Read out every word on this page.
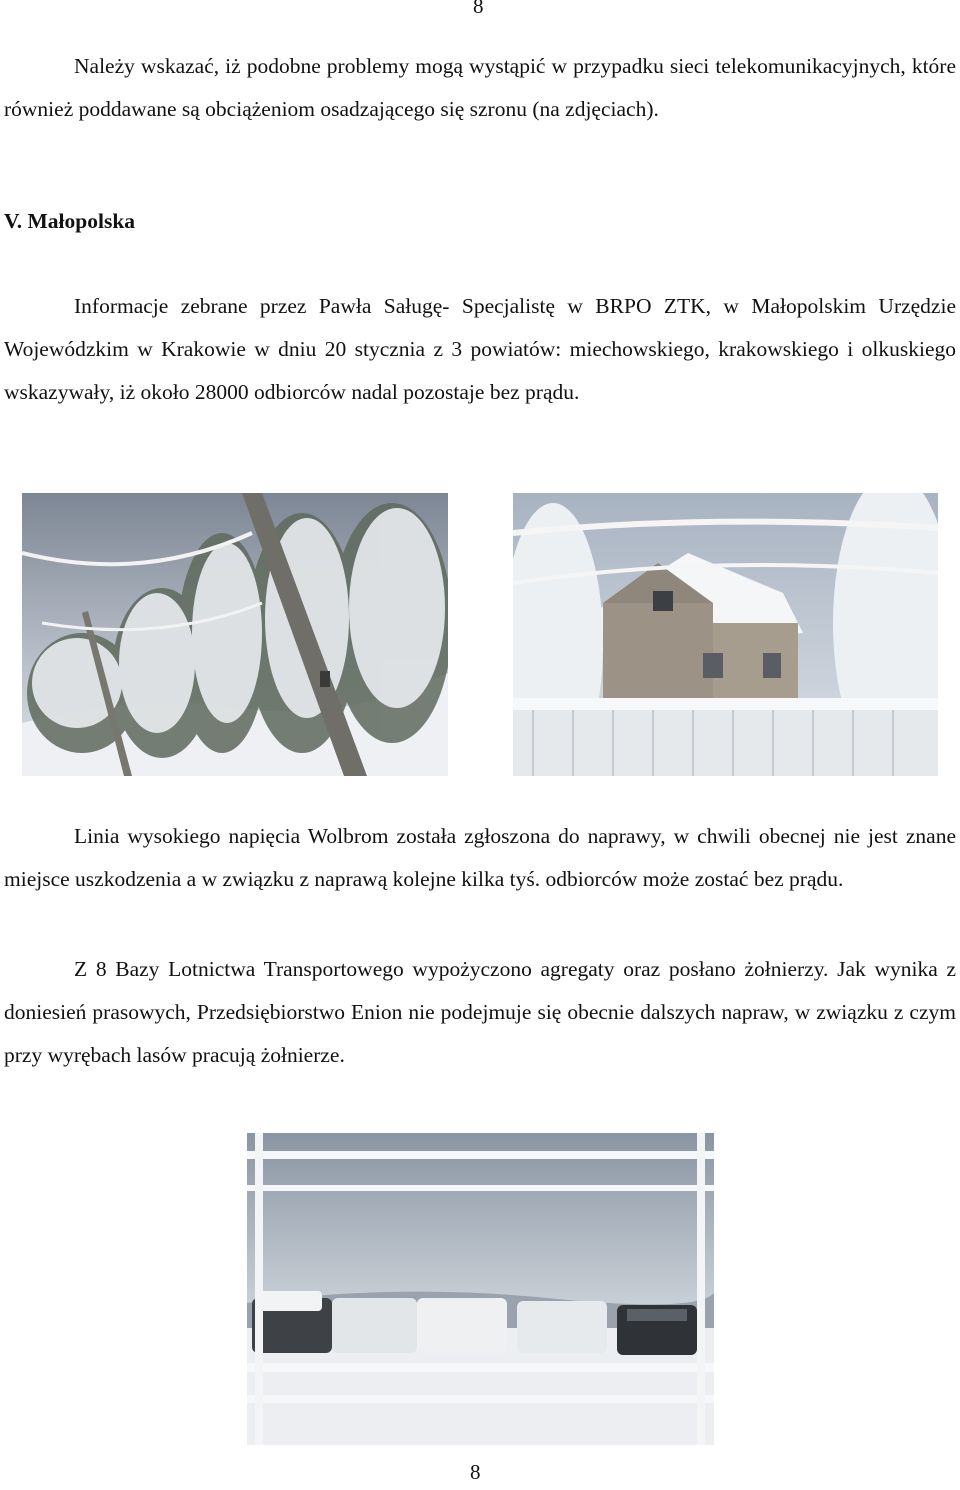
8

Należy wskazać, iż podobne problemy mogą wystąpić w przypadku sieci telekomunikacyjnych, które również poddawane są obciążeniom osadzającego się szronu (na zdjęciach).

V. Małopolska

Informacje zebrane przez Pawła Saługę- Specjalistę w BRPO ZTK, w Małopolskim Urzędzie Wojewódzkim w Krakowie w dniu 20 stycznia z 3 powiatów: miechowskiego, krakowskiego i olkuskiego wskazywały, iż około 28000 odbiorców nadal pozostaje bez prądu.

Linia wysokiego napięcia Wolbrom została zgłoszona do naprawy, w chwili obecnej nie jest znane miejsce uszkodzenia a w związku z naprawą kolejne kilka tyś. odbiorców może zostać bez prądu.

Z 8 Bazy Lotnictwa Transportowego wypożyczono agregaty oraz posłano żołnierzy. Jak wynika z doniesień prasowych, Przedsiębiorstwo Enion nie podejmuje się obecnie dalszych napraw, w związku z czym przy wyrębach lasów pracują żołnierze.

8
